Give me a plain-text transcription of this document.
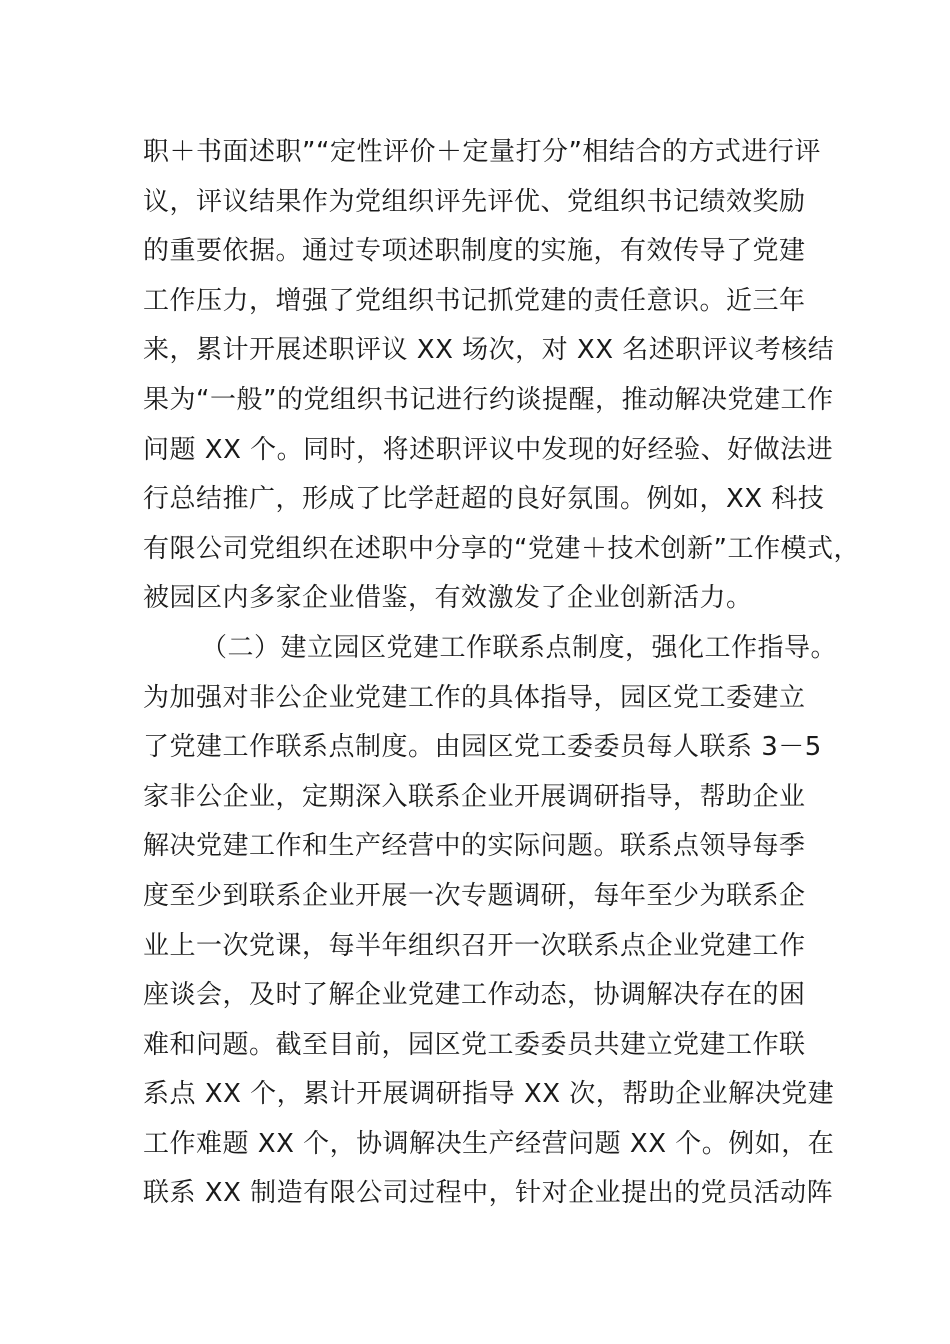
职＋书面述职”“定性评价＋定量打分”相结合的方式进行评
议，评议结果作为党组织评先评优、党组织书记绩效奖励
的重要依据。通过专项述职制度的实施，有效传导了党建
工作压力，增强了党组织书记抓党建的责任意识。近三年
来，累计开展述职评议 XX 场次，对 XX 名述职评议考核结
果为“一般”的党组织书记进行约谈提醒，推动解决党建工作
问题 XX 个。同时，将述职评议中发现的好经验、好做法进
行总结推广，形成了比学赶超的良好氛围。例如，XX 科技
有限公司党组织在述职中分享的“党建＋技术创新”工作模式，
被园区内多家企业借鉴，有效激发了企业创新活力。
（二）建立园区党建工作联系点制度，强化工作指导。
为加强对非公企业党建工作的具体指导，园区党工委建立
了党建工作联系点制度。由园区党工委委员每人联系 3－5
家非公企业，定期深入联系企业开展调研指导，帮助企业
解决党建工作和生产经营中的实际问题。联系点领导每季
度至少到联系企业开展一次专题调研，每年至少为联系企
业上一次党课，每半年组织召开一次联系点企业党建工作
座谈会，及时了解企业党建工作动态，协调解决存在的困
难和问题。截至目前，园区党工委委员共建立党建工作联
系点 XX 个，累计开展调研指导 XX 次，帮助企业解决党建
工作难题 XX 个，协调解决生产经营问题 XX 个。例如，在
联系 XX 制造有限公司过程中，针对企业提出的党员活动阵
